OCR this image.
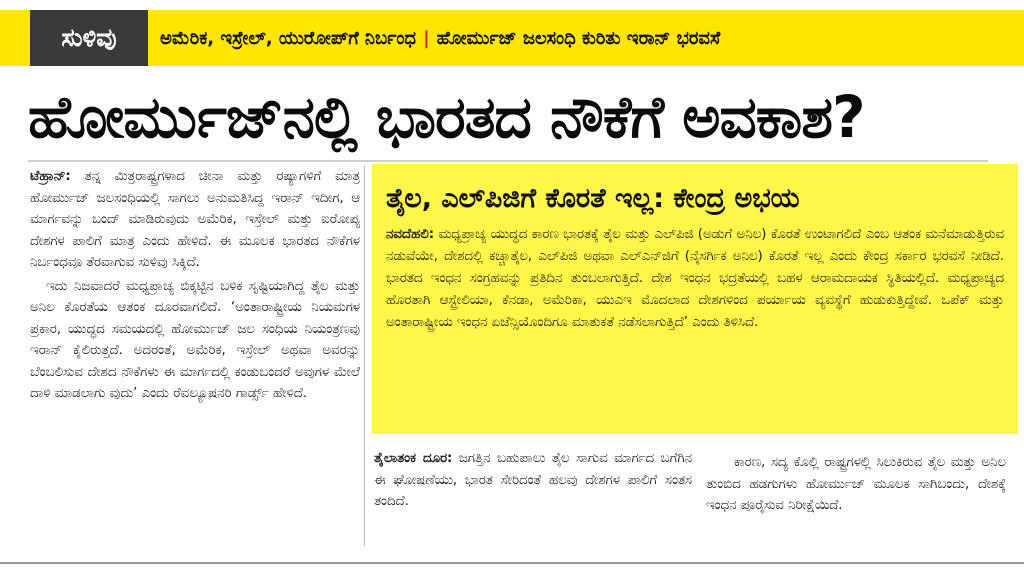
ಸುಳಿವು	ಅಮೆರಿಕ, ಇಸ್ರೇಲ್, ಯುರೋಪ್‌ಗೆ ನಿರ್ಬಂಧ | ಹೋರ್ಮುಜ್ ಜಲಸಂಧಿ ಕುರಿತು ಇರಾನ್ ಭರವಸೆ
ಹೋರ್ಮುಜ್‌ನಲ್ಲಿ ಭಾರತದ ನೌಕೆಗೆ ಅವಕಾಶ?

ಟೆಹ್ರಾನ್: ತನ್ನ ಮಿತ್ರರಾಷ್ಟ್ರಗಳಾದ ಚೀನಾ ಮತ್ತು ರಷ್ಯಾಗಳಿಗೆ ಮಾತ್ರ ಹೋರ್ಮುಜ್ ಜಲಸಂಧಿಯಲ್ಲಿ ಸಾಗಲು ಅನುಮತಿಸಿದ್ದ ಇರಾನ್ ಇದೀಗ, ಆ ಮಾರ್ಗವನ್ನು ಬಂದ್ ಮಾಡಿರುವುದು ಅಮೆರಿಕ, ಇಸ್ರೇಲ್ ಮತ್ತು ಐರೋಪ್ಯ ದೇಶಗಳ ಪಾಲಿಗೆ ಮಾತ್ರ ಎಂದು ಹೇಳಿದೆ. ಈ ಮೂಲಕ ಭಾರತದ ನೌಕೆಗಳ ನಿರ್ಬಂಧವೂ ತೆರವಾಗುವ ಸುಳಿವು ಸಿಕ್ಕಿದೆ.

ಇದು ನಿಜವಾದರೆ ಮಧ್ಯಪ್ರಾಚ್ಯ ಬಿಕ್ಕಟ್ಟಿನ ಬಳಿಕ ಸೃಷ್ಟಿಯಾಗಿದ್ದ ತೈಲ ಮತ್ತು ಅನಿಲ ಕೊರತೆಯ ಆತಂಕ ದೂರವಾಗಲಿದೆ. ‘ಅಂತಾರಾಷ್ಟ್ರೀಯ ನಿಯಮಗಳ ಪ್ರಕಾರ, ಯುದ್ಧದ ಸಮಯದಲ್ಲಿ ಹೋರ್ಮುಜ್ ಜಲ ಸಂಧಿಯ ನಿಯಂತ್ರಣವು ಇರಾನ್ ಕೈಲಿರುತ್ತದೆ. ಅದರಂತೆ, ಅಮೆರಿಕ, ಇಸ್ರೇಲ್ ಅಥವಾ ಅವರನ್ನು ಬೆಂಬಲಿಸುವ ದೇಶದ ನೌಕೆಗಳು ಈ ಮಾರ್ಗದಲ್ಲಿ ಕಂಡುಬಂದರೆ ಅವುಗಳ ಮೇಲೆ ದಾಳಿ ಮಾಡಲಾಗು ವುದು’ ಎಂದು ರೆವಲ್ಯೂಷನರಿ ಗಾರ್ಡ್ಸ್ ಹೇಳಿದೆ.

ತೈಲ, ಎಲ್‌ಪಿಜಿಗೆ ಕೊರತೆ ಇಲ್ಲ: ಕೇಂದ್ರ ಅಭಯ
ನವದೆಹಲಿ: ಮಧ್ಯಪ್ರಾಚ್ಯ ಯುದ್ಧದ ಕಾರಣ ಭಾರತಕ್ಕೆ ತೈಲ ಮತ್ತು ಎಲ್‌ಪಿಜಿ (ಅಡುಗೆ ಅನಿಲ) ಕೊರತೆ ಉಂಟಾಗಲಿದೆ ಎಂಬ ಆತಂಕ ಮನೆಮಾಡುತ್ತಿರುವ ನಡುವೆಯೇ, ದೇಶದಲ್ಲಿ ಕಚ್ಚಾತೈಲ, ಎಲ್‌ಪಿಜಿ ಅಥವಾ ಎಲ್‌ಎನ್‌ಜಿಗೆ (ನೈಸರ್ಗಿಕ ಅನಿಲ) ಕೊರತೆ ಇಲ್ಲ ಎಂದು ಕೇಂದ್ರ ಸರ್ಕಾರ ಭರವಸೆ ನೀಡಿದೆ. ಭಾರತದ ಇಂಧನ ಸಂಗ್ರಹವನ್ನು ಪ್ರತಿದಿನ ತುಂಬಲಾಗುತ್ತಿದೆ. ದೇಶ ಇಂಧನ ಭದ್ರತೆಯಲ್ಲಿ ಬಹಳ ಆರಾಮದಾಯಕ ಸ್ಥಿತಿಯಲ್ಲಿದೆ. ಮಧ್ಯಪ್ರಾಚ್ಯದ ಹೊರತಾಗಿ ಆಸ್ಟ್ರೇಲಿಯಾ, ಕೆನಡಾ, ಅಮೆರಿಕಾ, ಯುಎಇ ಮೊದಲಾದ ದೇಶಗಳಿಂದ ಪರ್ಯಾಯ ವ್ಯವಸ್ಥೆಗೆ ಹುಡುಕುತ್ತಿದ್ದೇವೆ. ಒಪೆಕ್ ಮತ್ತು ಅಂತಾರಾಷ್ಟ್ರೀಯ ಇಂಧನ ಏಜೆನ್ಸಿಯೊಂದಿಗೂ ಮಾತುಕತೆ ನಡೆಸಲಾಗುತ್ತಿದೆ’ ಎಂದು ತಿಳಿಸಿದೆ.

ತೈಲಾತಂಕ ದೂರ: ಜಗತ್ತಿನ ಬಹುಪಾಲು ತೈಲ ಸಾಗುವ ಮಾರ್ಗದ ಬಗೆಗಿನ ಈ ಘೋಷಣೆಯು, ಭಾರತ ಸೇರಿದಂತೆ ಹಲವು ದೇಶಗಳ ಪಾಲಿಗೆ ಸಂತಸ ತಂದಿದೆ.

ಕಾರಣ, ಸದ್ಯ ಕೊಲ್ಲಿ ರಾಷ್ಟ್ರಗಳಲ್ಲಿ ಸಿಲುಕಿರುವ ತೈಲ ಮತ್ತು ಅನಿಲ ತುಂಬಿದ ಹಡಗುಗಳು ಹೋರ್ಮುಜ್ ಮೂಲಕ ಸಾಗಿಬಂದು, ದೇಶಕ್ಕೆ ಇಂಧನ ಪೂರೈಸುವ ನಿರೀಕ್ಷೆಯಿದೆ.
